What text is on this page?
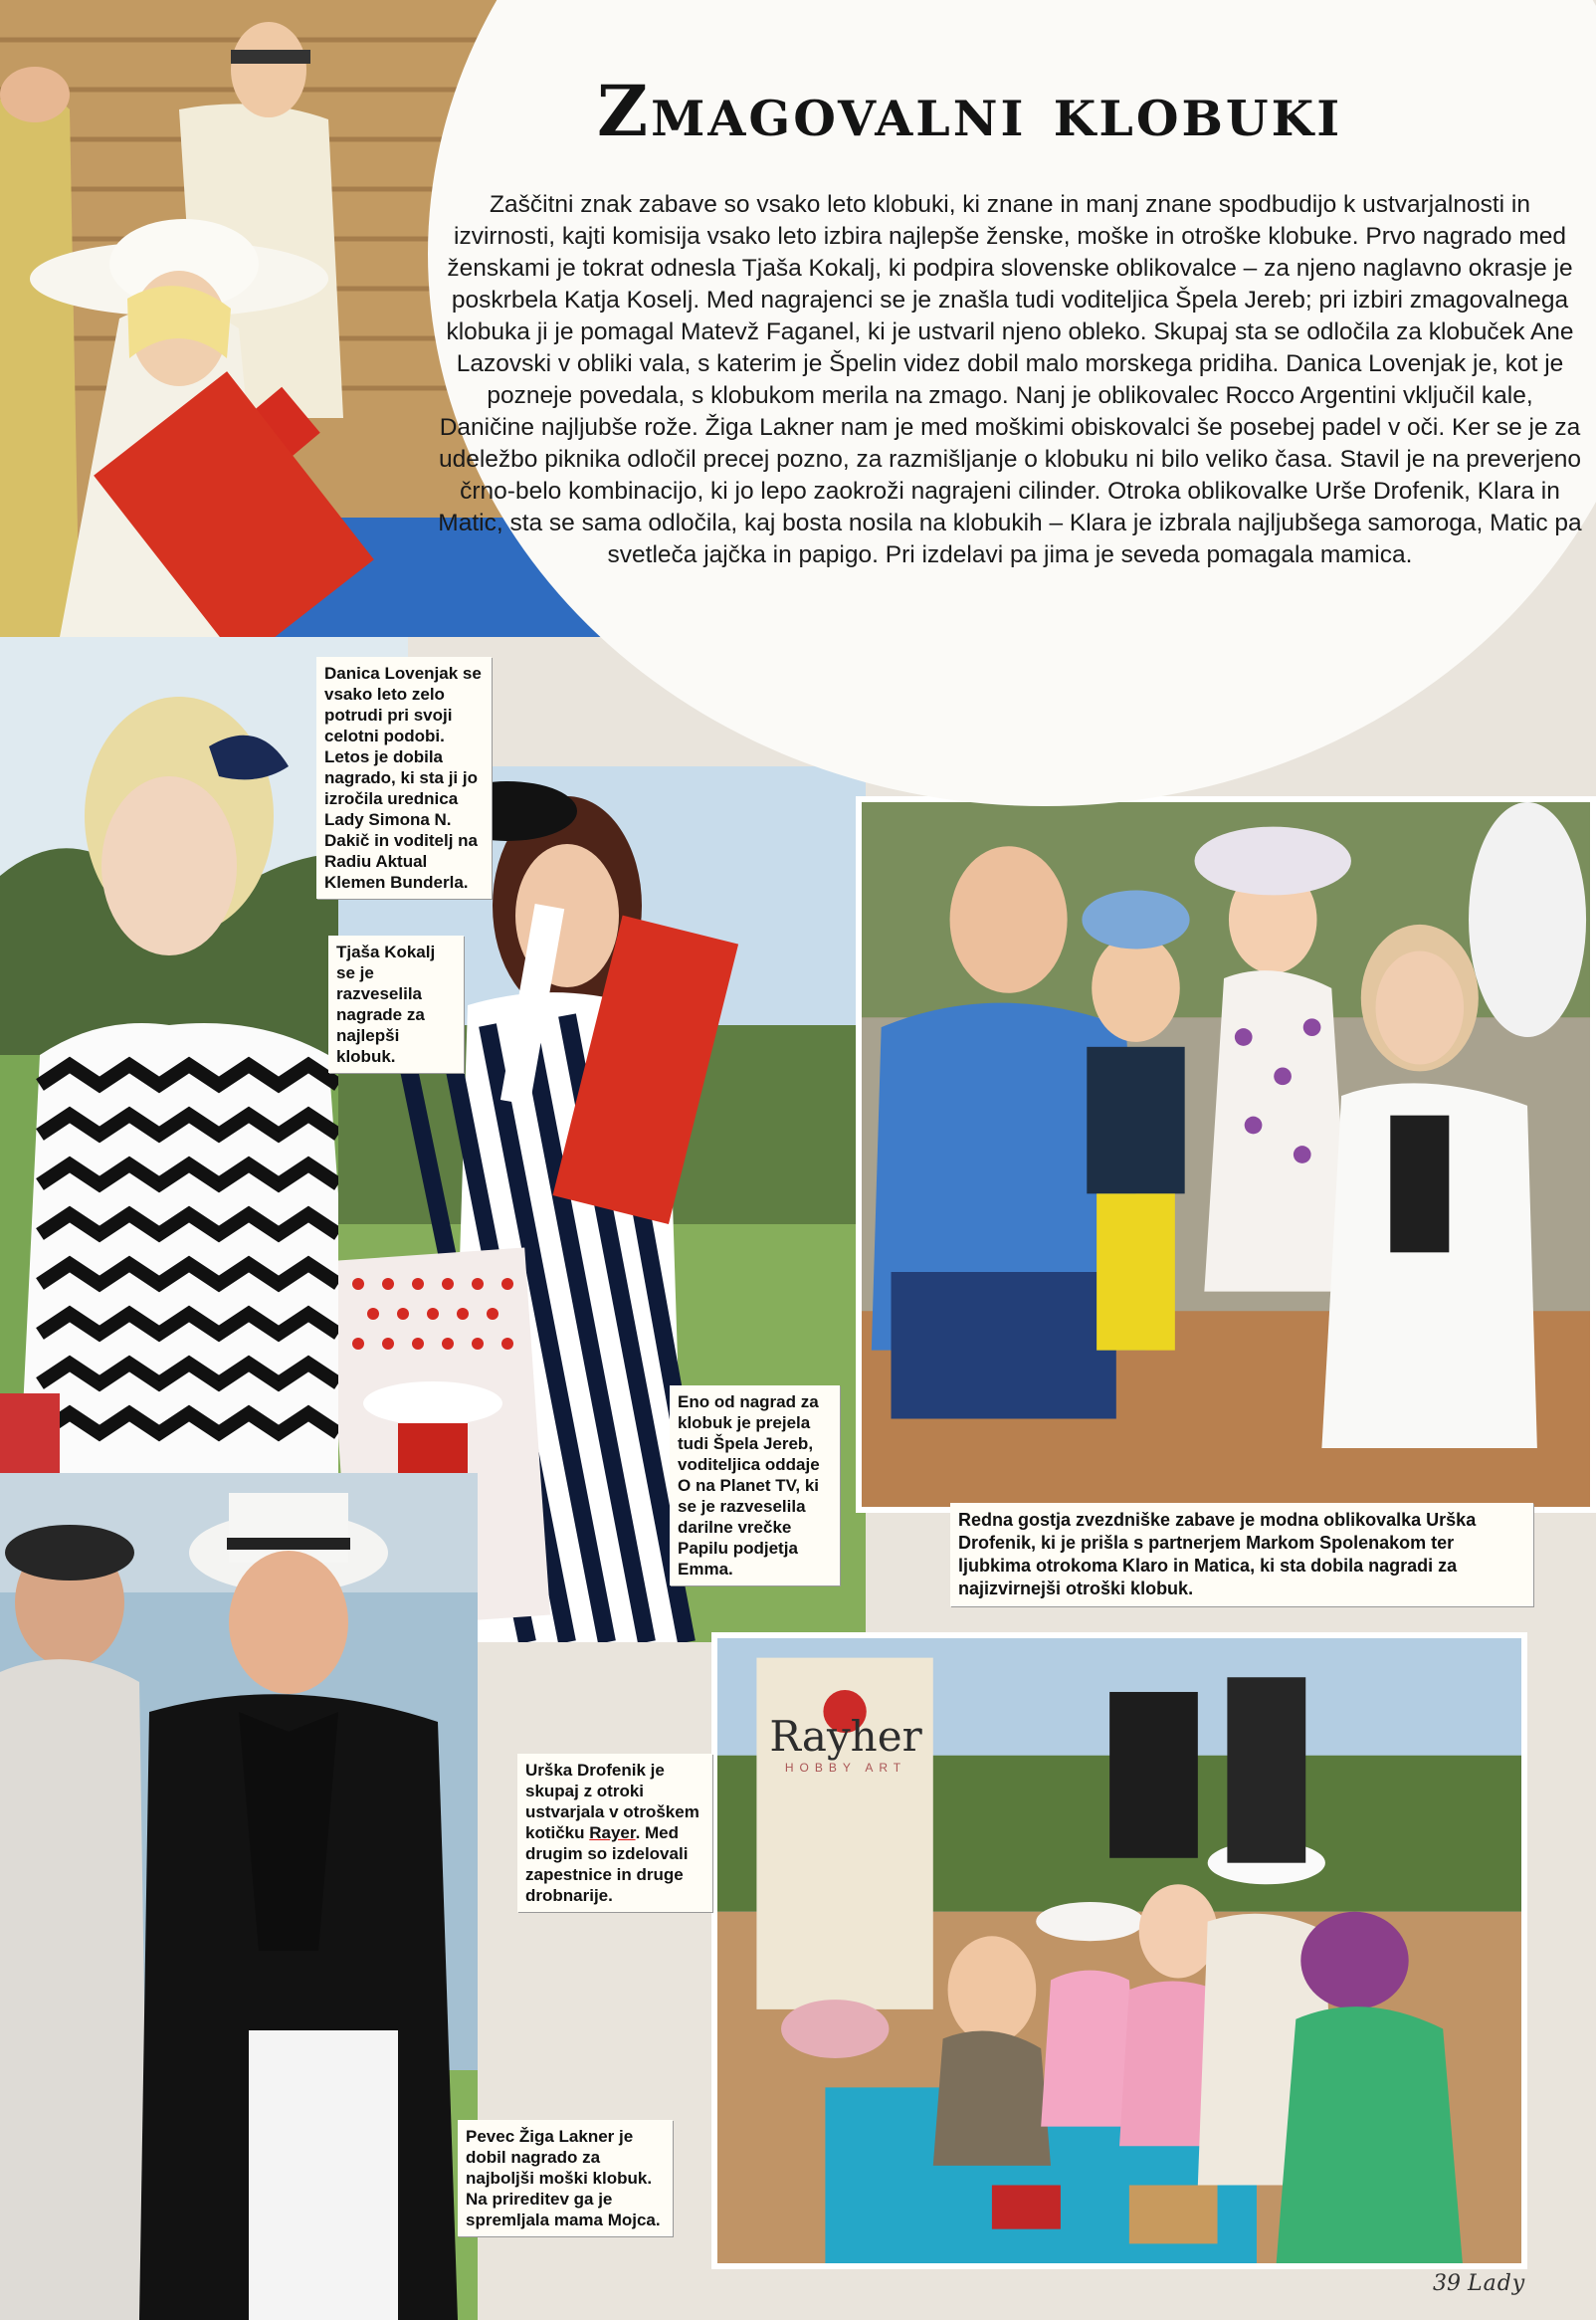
Rayher
HOBBY ART
Zmagovalni klobuki

Zaščitni znak zabave so vsako leto klobuki, ki znane in manj znane spodbudijo k ustvarjalnosti in izvirnosti, kajti komisija vsako leto izbira najlepše ženske, moške in otroške klobuke. Prvo nagrado med ženskami je tokrat odnesla Tjaša Kokalj, ki podpira slovenske oblikovalce – za njeno naglavno okrasje je poskrbela Katja Koselj. Med nagrajenci se je znašla tudi voditeljica Špela Jereb; pri izbiri zmagovalnega klobuka ji je pomagal Matevž Faganel, ki je ustvaril njeno obleko. Skupaj sta se odločila za klobuček Ane Lazovski v obliki vala, s katerim je Špelin videz dobil malo morskega pridiha. Danica Lovenjak je, kot je pozneje povedala, s klobukom merila na zmago. Nanj je oblikovalec Rocco Argentini vključil kale, Daničine najljubše rože. Žiga Lakner nam je med moškimi obiskovalci še posebej padel v oči. Ker se je za udeležbo piknika odločil precej pozno, za razmišljanje o klobuku ni bilo veliko časa. Stavil je na preverjeno črno-belo kombinacijo, ki jo lepo zaokroži nagrajeni cilinder. Otroka oblikovalke Urše Drofenik, Klara in Matic, sta se sama odločila, kaj bosta nosila na klobukih – Klara je izbrala najljubšega samoroga, Matic pa svetleča jajčka in papigo. Pri izdelavi pa jima je seveda pomagala mamica.

Danica Lovenjak se vsako leto zelo potrudi pri svoji celotni podobi. Letos je dobila nagrado, ki sta ji jo izročila urednica Lady Simona N. Dakič in voditelj na Radiu Aktual Klemen Bunderla.
Tjaša Kokalj se je razveselila nagrade za najlepši klobuk.
Eno od nagrad za klobuk je prejela tudi Špela Jereb, voditeljica oddaje O na Planet TV, ki se je razveselila darilne vrečke Papilu podjetja Emma.
Redna gostja zvezdniške zabave je modna oblikovalka Urška Drofenik, ki je prišla s partnerjem Markom Spolenakom ter ljubkima otrokoma Klaro in Matica, ki sta dobila nagradi za najizvirnejši otroški klobuk.
Urška Drofenik je skupaj z otroki ustvarjala v otroškem kotičku Rayer. Med drugim so izdelovali zapestnice in druge drobnarije.
Pevec Žiga Lakner je dobil nagrado za najboljši moški klobuk. Na prireditev ga je spremljala mama Mojca.
39 Lady
